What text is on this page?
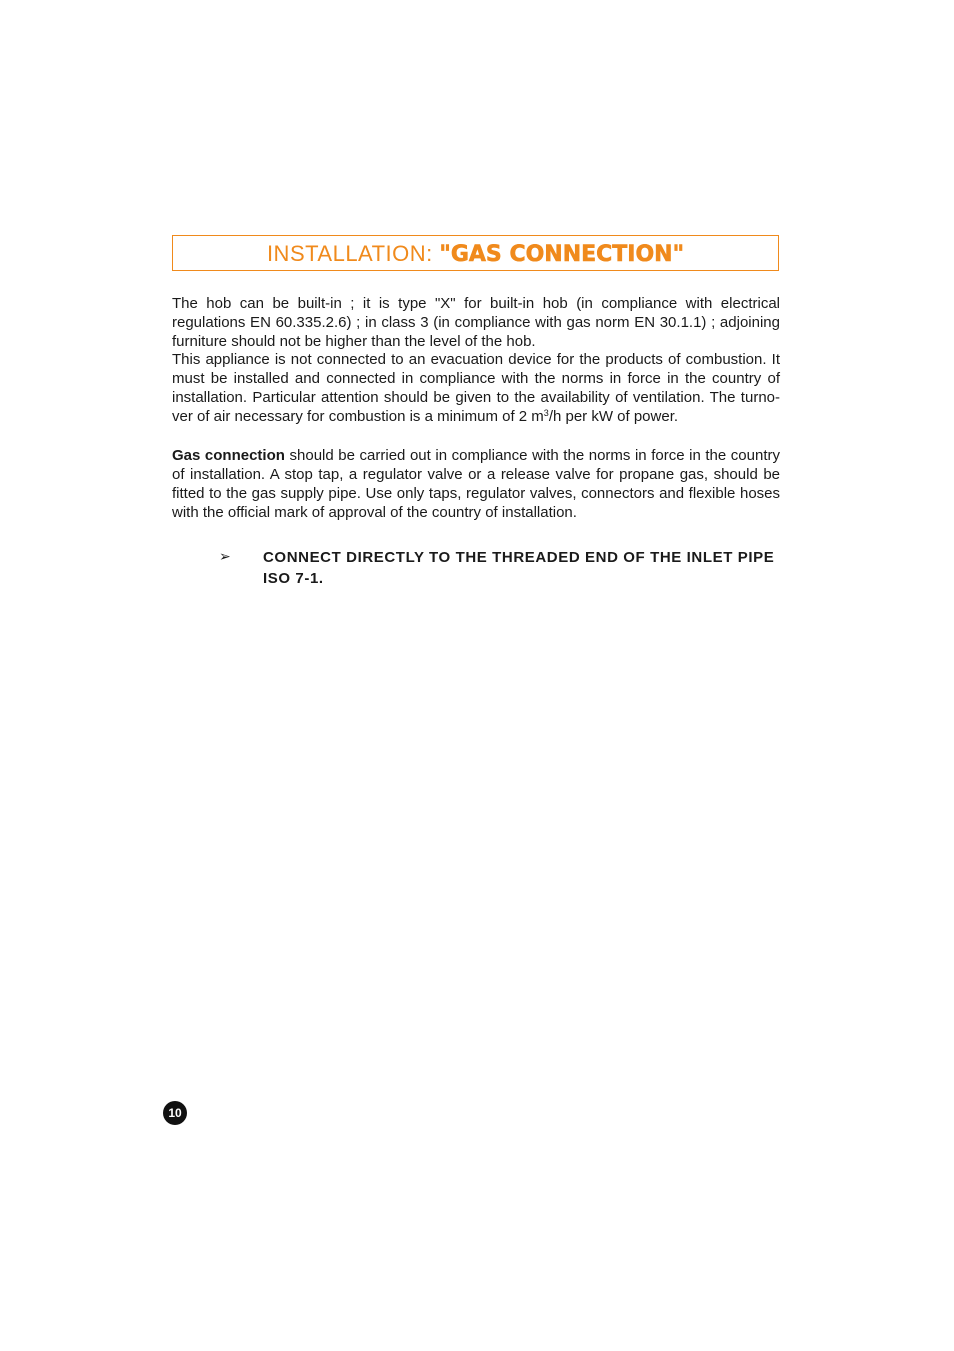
INSTALLATION: "GAS CONNECTION"

The hob can be built-in ; it is type "X" for built-in hob (in compliance with electrical regulations EN 60.335.2.6) ; in class 3 (in compliance with gas norm EN 30.1.1) ; adjoining furniture should not be higher than the level of the hob.

This appliance is not connected to an evacuation device for the products of combustion. It must be installed and connected in compliance with the norms in force in the country of installation. Particular attention should be given to the availability of ventilation. The turno-ver of air necessary for combustion is a minimum of 2 $m^3/h$ per kW of power.

Gas connection should be carried out in compliance with the norms in force in the country of installation. A stop tap, a regulator valve or a release valve for propane gas, should be fitted to the gas supply pipe. Use only taps, regulator valves, connectors and flexible hoses with the official mark of approval of the country of installation.

➢ CONNECT DIRECTLY TO THE THREADED END OF THE INLET PIPE ISO 7-1.
10
